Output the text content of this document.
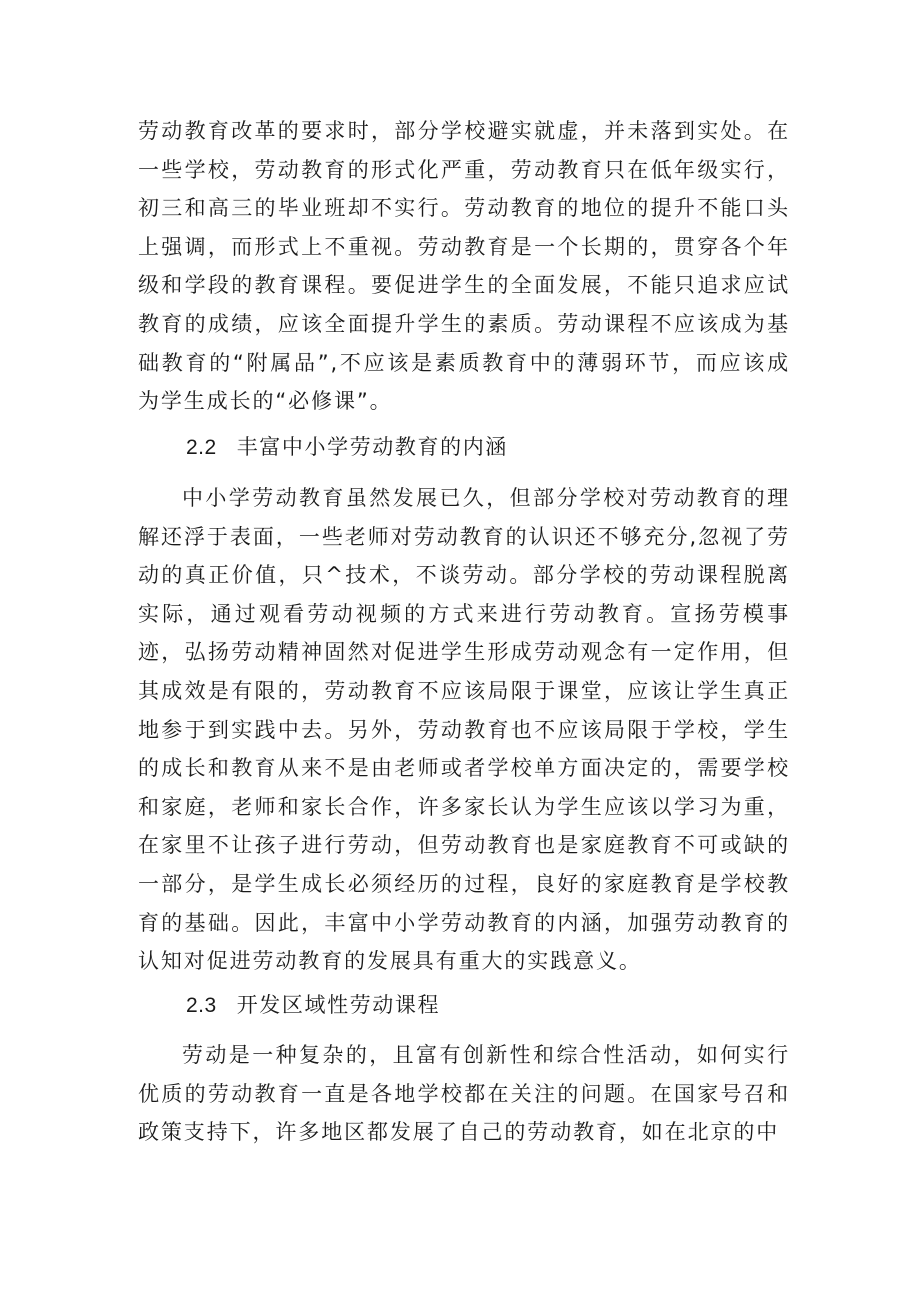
劳动教育改革的要求时，部分学校避实就虚，并未落到实处。在一些学校，劳动教育的形式化严重，劳动教育只在低年级实行，初三和高三的毕业班却不实行。劳动教育的地位的提升不能口头上强调，而形式上不重视。劳动教育是一个长期的，贯穿各个年级和学段的教育课程。要促进学生的全面发展，不能只追求应试教育的成绩，应该全面提升学生的素质。劳动课程不应该成为基础教育的“附属品”,不应该是素质教育中的薄弱环节，而应该成为学生成长的“必修课”。

2.2 丰富中小学劳动教育的内涵

中小学劳动教育虽然发展已久，但部分学校对劳动教育的理解还浮于表面，一些老师对劳动教育的认识还不够充分,忽视了劳动的真正价值，只^技术，不谈劳动。部分学校的劳动课程脱离实际，通过观看劳动视频的方式来进行劳动教育。宣扬劳模事迹，弘扬劳动精神固然对促进学生形成劳动观念有一定作用，但其成效是有限的，劳动教育不应该局限于课堂，应该让学生真正地参于到实践中去。另外，劳动教育也不应该局限于学校，学生的成长和教育从来不是由老师或者学校单方面决定的，需要学校和家庭，老师和家长合作，许多家长认为学生应该以学习为重，在家里不让孩子进行劳动，但劳动教育也是家庭教育不可或缺的一部分，是学生成长必须经历的过程，良好的家庭教育是学校教育的基础。因此，丰富中小学劳动教育的内涵，加强劳动教育的认知对促进劳动教育的发展具有重大的实践意义。

2.3 开发区域性劳动课程

劳动是一种复杂的，且富有创新性和综合性活动，如何实行优质的劳动教育一直是各地学校都在关注的问题。在国家号召和政策支持下，许多地区都发展了自己的劳动教育，如在北京的中
